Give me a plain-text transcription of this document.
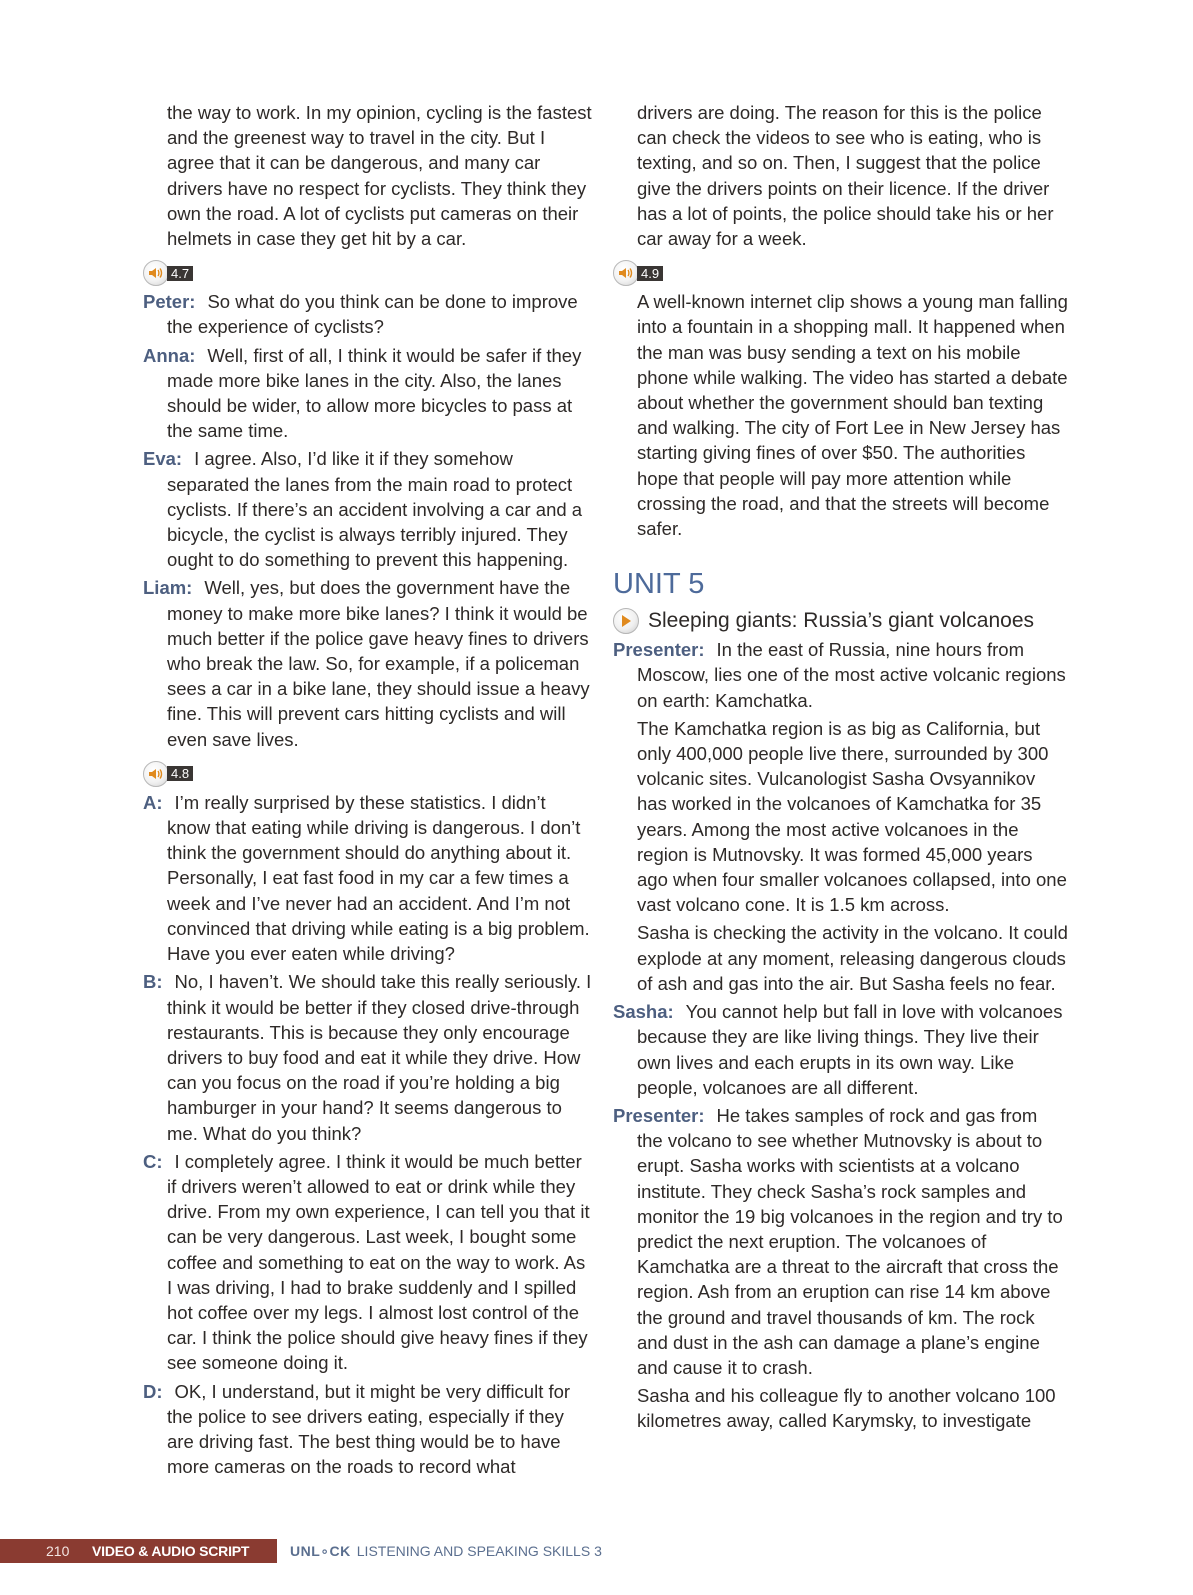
the way to work. In my opinion, cycling is the fastest and the greenest way to travel in the city. But I agree that it can be dangerous, and many car drivers have no respect for cyclists. They think they own the road. A lot of cyclists put cameras on their helmets in case they get hit by a car.

4.7

Peter: So what do you think can be done to improve the experience of cyclists?

Anna: Well, first of all, I think it would be safer if they made more bike lanes in the city. Also, the lanes should be wider, to allow more bicycles to pass at the same time.

Eva: I agree. Also, I’d like it if they somehow separated the lanes from the main road to protect cyclists. If there’s an accident involving a car and a bicycle, the cyclist is always terribly injured. They ought to do something to prevent this happening.

Liam: Well, yes, but does the government have the money to make more bike lanes? I think it would be much better if the police gave heavy fines to drivers who break the law. So, for example, if a policeman sees a car in a bike lane, they should issue a heavy fine. This will prevent cars hitting cyclists and will even save lives.

4.8

A: I’m really surprised by these statistics. I didn’t know that eating while driving is dangerous. I don’t think the government should do anything about it. Personally, I eat fast food in my car a few times a week and I’ve never had an accident. And I’m not convinced that driving while eating is a big problem. Have you ever eaten while driving?

B: No, I haven’t. We should take this really seriously. I think it would be better if they closed drive-through restaurants. This is because they only encourage drivers to buy food and eat it while they drive. How can you focus on the road if you’re holding a big hamburger in your hand? It seems dangerous to me. What do you think?

C: I completely agree. I think it would be much better if drivers weren’t allowed to eat or drink while they drive. From my own experience, I can tell you that it can be very dangerous. Last week, I bought some coffee and something to eat on the way to work. As I was driving, I had to brake suddenly and I spilled hot coffee over my legs. I almost lost control of the car. I think the police should give heavy fines if they see someone doing it.

D: OK, I understand, but it might be very difficult for the police to see drivers eating, especially if they are driving fast. The best thing would be to have more cameras on the roads to record what

drivers are doing. The reason for this is the police can check the videos to see who is eating, who is texting, and so on. Then, I suggest that the police give the drivers points on their licence. If the driver has a lot of points, the police should take his or her car away for a week.

4.9

A well-known internet clip shows a young man falling into a fountain in a shopping mall. It happened when the man was busy sending a text on his mobile phone while walking. The video has started a debate about whether the government should ban texting and walking. The city of Fort Lee in New Jersey has starting giving fines of over $50. The authorities hope that people will pay more attention while crossing the road, and that the streets will become safer.

UNIT 5
Sleeping giants: Russia’s giant volcanoes

Presenter: In the east of Russia, nine hours from Moscow, lies one of the most active volcanic regions on earth: Kamchatka.

The Kamchatka region is as big as California, but only 400,000 people live there, surrounded by 300 volcanic sites. Vulcanologist Sasha Ovsyannikov has worked in the volcanoes of Kamchatka for 35 years. Among the most active volcanoes in the region is Mutnovsky. It was formed 45,000 years ago when four smaller volcanoes collapsed, into one vast volcano cone. It is 1.5 km across.

Sasha is checking the activity in the volcano. It could explode at any moment, releasing dangerous clouds of ash and gas into the air. But Sasha feels no fear.

Sasha: You cannot help but fall in love with volcanoes because they are like living things. They live their own lives and each erupts in its own way. Like people, volcanoes are all different.

Presenter: He takes samples of rock and gas from the volcano to see whether Mutnovsky is about to erupt. Sasha works with scientists at a volcano institute. They check Sasha’s rock samples and monitor the 19 big volcanoes in the region and try to predict the next eruption. The volcanoes of Kamchatka are a threat to the aircraft that cross the region. Ash from an eruption can rise 14 km above the ground and travel thousands of km. The rock and dust in the ash can damage a plane’s engine and cause it to crash.

Sasha and his colleague fly to another volcano 100 kilometres away, called Karymsky, to investigate

210 VIDEO & AUDIO SCRIPT	UNL∘CK LISTENING AND SPEAKING SKILLS 3
